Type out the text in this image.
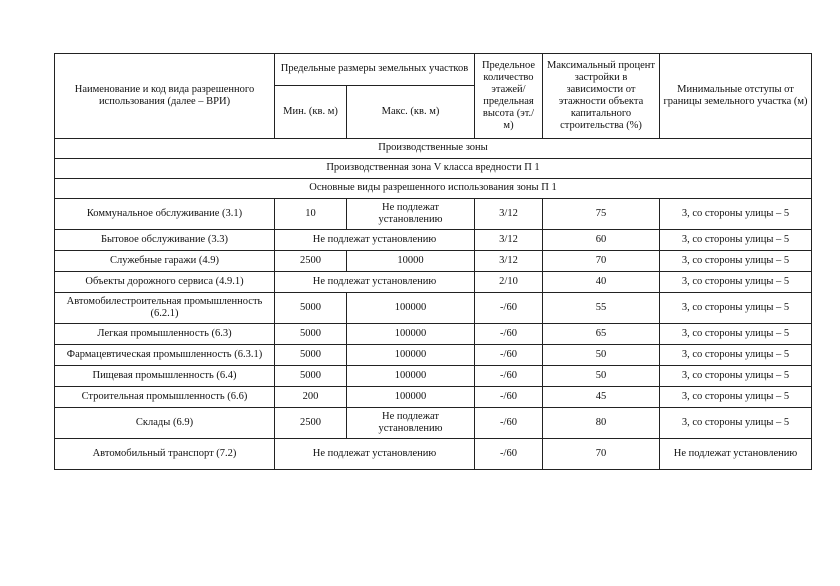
Наименование и код вида разрешенного использования (далее – ВРИ)	Предельные размеры земельных участков		Предельное количество этажей/ предельная высота (эт./м)	Максимальный процент застройки в зависимости от этажности объекта капитального строительства (%)	Минимальные отступы от границы земельного участка (м)
	Мин. (кв. м)	Макс. (кв. м)			
Производственные зоны					
Производственная зона V класса вредности П 1					
Основные виды разрешенного использования зоны П 1					
Коммунальное обслуживание (3.1)	10	Не подлежат установлению	3/12	75	3, со стороны улицы – 5
Бытовое обслуживание (3.3)	Не подлежат установлению		3/12	60	3, со стороны улицы – 5
Служебные гаражи (4.9)	2500	10000	3/12	70	3, со стороны улицы – 5
Объекты дорожного сервиса (4.9.1)	Не подлежат установлению		2/10	40	3, со стороны улицы – 5
Автомобилестроительная промышленность (6.2.1)	5000	100000	-/60	55	3, со стороны улицы – 5
Легкая промышленность (6.3)	5000	100000	-/60	65	3, со стороны улицы – 5
Фармацевтическая промышленность (6.3.1)	5000	100000	-/60	50	3, со стороны улицы – 5
Пищевая промышленность (6.4)	5000	100000	-/60	50	3, со стороны улицы – 5
Строительная промышленность (6.6)	200	100000	-/60	45	3, со стороны улицы – 5
Склады (6.9)	2500	Не подлежат установлению	-/60	80	3, со стороны улицы – 5
Автомобильный транспорт (7.2)	Не подлежат установлению		-/60	70	Не подлежат установлению
